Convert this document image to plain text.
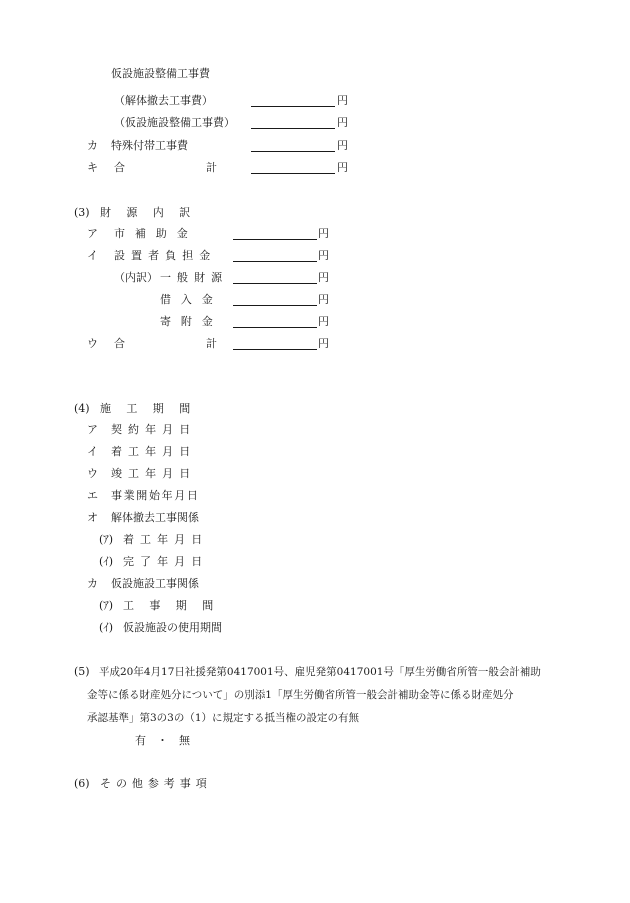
仮設施設整備工事費
（解体撤去工事費）	円
（仮設施設整備工事費）	円
カ 特殊付帯工事費	円
キ 合	計	円
(3) 財源内訳
ア 市補助金	円
イ 設置者負担金	円
（内訳） 一般財源	円
借入金	円
寄附金	円
ウ 合	計	円
(4) 施工期間
ア 契約年月日
イ 着工年月日
ウ 竣工年月日
エ 事業開始年月日
オ 解体撤去工事関係
(ｱ) 着工年月日
(ｲ) 完了年月日
カ 仮設施設工事関係
(ｱ) 工事期間
(ｲ) 仮設施設の使用期間
(5) 平成20年4月17日社援発第0417001号、雇児発第0417001号「厚生労働省所管一般会計補助
金等に係る財産処分について」の別添1「厚生労働省所管一般会計補助金等に係る財産処分
承認基準」第3の3の（1）に規定する抵当権の設定の有無
有　・　無
(6) その他参考事項
